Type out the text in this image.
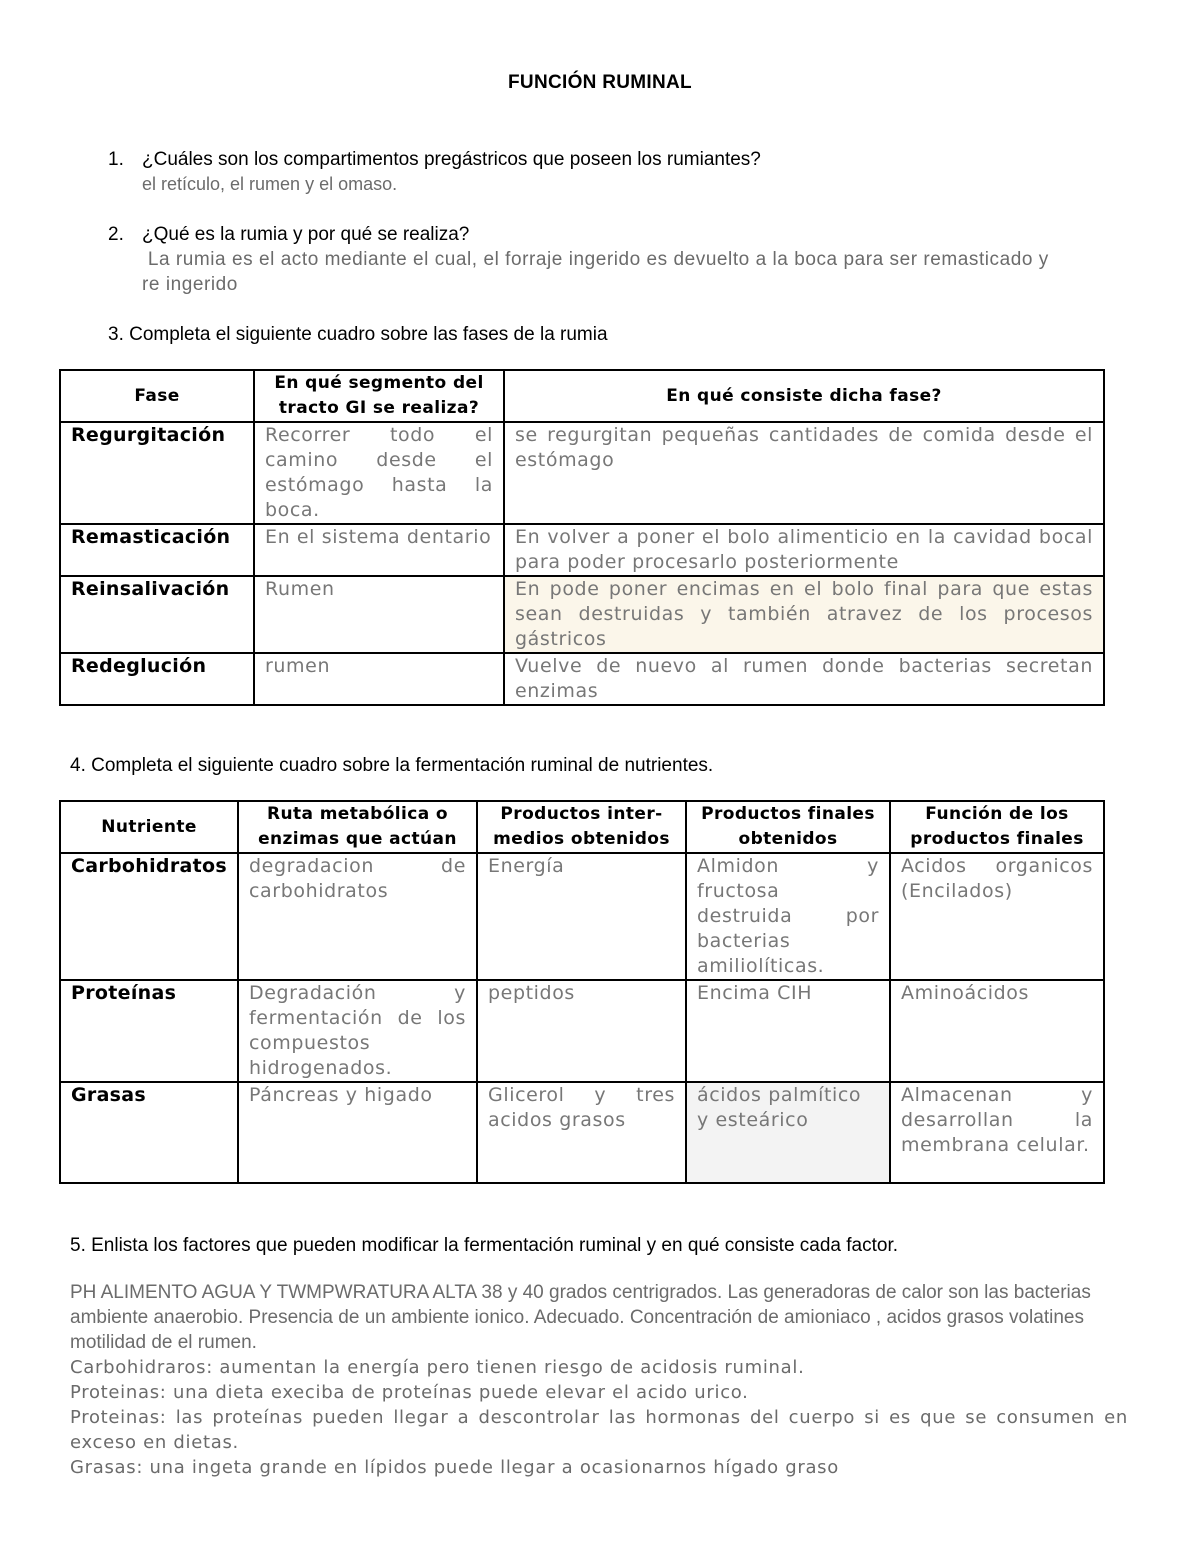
FUNCIÓN RUMINAL
1. ¿Cuáles son los compartimentos pregástricos que poseen los rumiantes?
el retículo, el rumen y el omaso.
2. ¿Qué es la rumia y por qué se realiza?
La rumia es el acto mediante el cual, el forraje ingerido es devuelto a la boca para ser remasticado y
re ingerido
3. Completa el siguiente cuadro sobre las fases de la rumia
Fase	En qué segmento del tracto GI se realiza?	En qué consiste dicha fase?
Regurgitación	Recorrer todo el camino desde el estómago hasta la boca.	se regurgitan pequeñas cantidades de comida desde el estómago
Remasticación	En el sistema dentario	En volver a poner el bolo alimenticio en la cavidad bocal para poder procesarlo posteriormente
Reinsalivación	Rumen	En pode poner encimas en el bolo final para que estas sean destruidas y también atravez de los procesos gástricos
Redeglución	rumen	Vuelve de nuevo al rumen donde bacterias secretan enzimas
4. Completa el siguiente cuadro sobre la fermentación ruminal de nutrientes.
Nutriente	Ruta metabólica o enzimas que actúan	Productos inter-medios obtenidos	Productos finales obtenidos	Función de los productos finales
Carbohidratos	degradacion de carbohidratos	Energía	Almidon y fructosa destruida por bacterias amiliolíticas.	Acidos organicos (Encilados)
Proteínas	Degradación y fermentación de los compuestos hidrogenados.	peptidos	Encima CIH	Aminoácidos
Grasas	Páncreas y higado	Glicerol y tres acidos grasos	ácidos palmítico y esteárico	Almacenan y desarrollan la membrana celular.
5. Enlista los factores que pueden modificar la fermentación ruminal y en qué consiste cada factor.
PH ALIMENTO AGUA Y TWMPWRATURA ALTA 38 y 40 grados centrigrados. Las generadoras de calor son las bacterias ambiente anaerobio. Presencia de un ambiente ionico. Adecuado. Concentración de amioniaco , acidos grasos volatines motilidad de el rumen.
Carbohidraros: aumentan la energía pero tienen riesgo de acidosis ruminal.
Proteinas: una dieta execiba de proteínas puede elevar el acido urico.
Proteinas: las proteínas pueden llegar a descontrolar las hormonas del cuerpo si es que se consumen en exceso en dietas.
Grasas: una ingeta grande en lípidos puede llegar a ocasionarnos hígado graso
